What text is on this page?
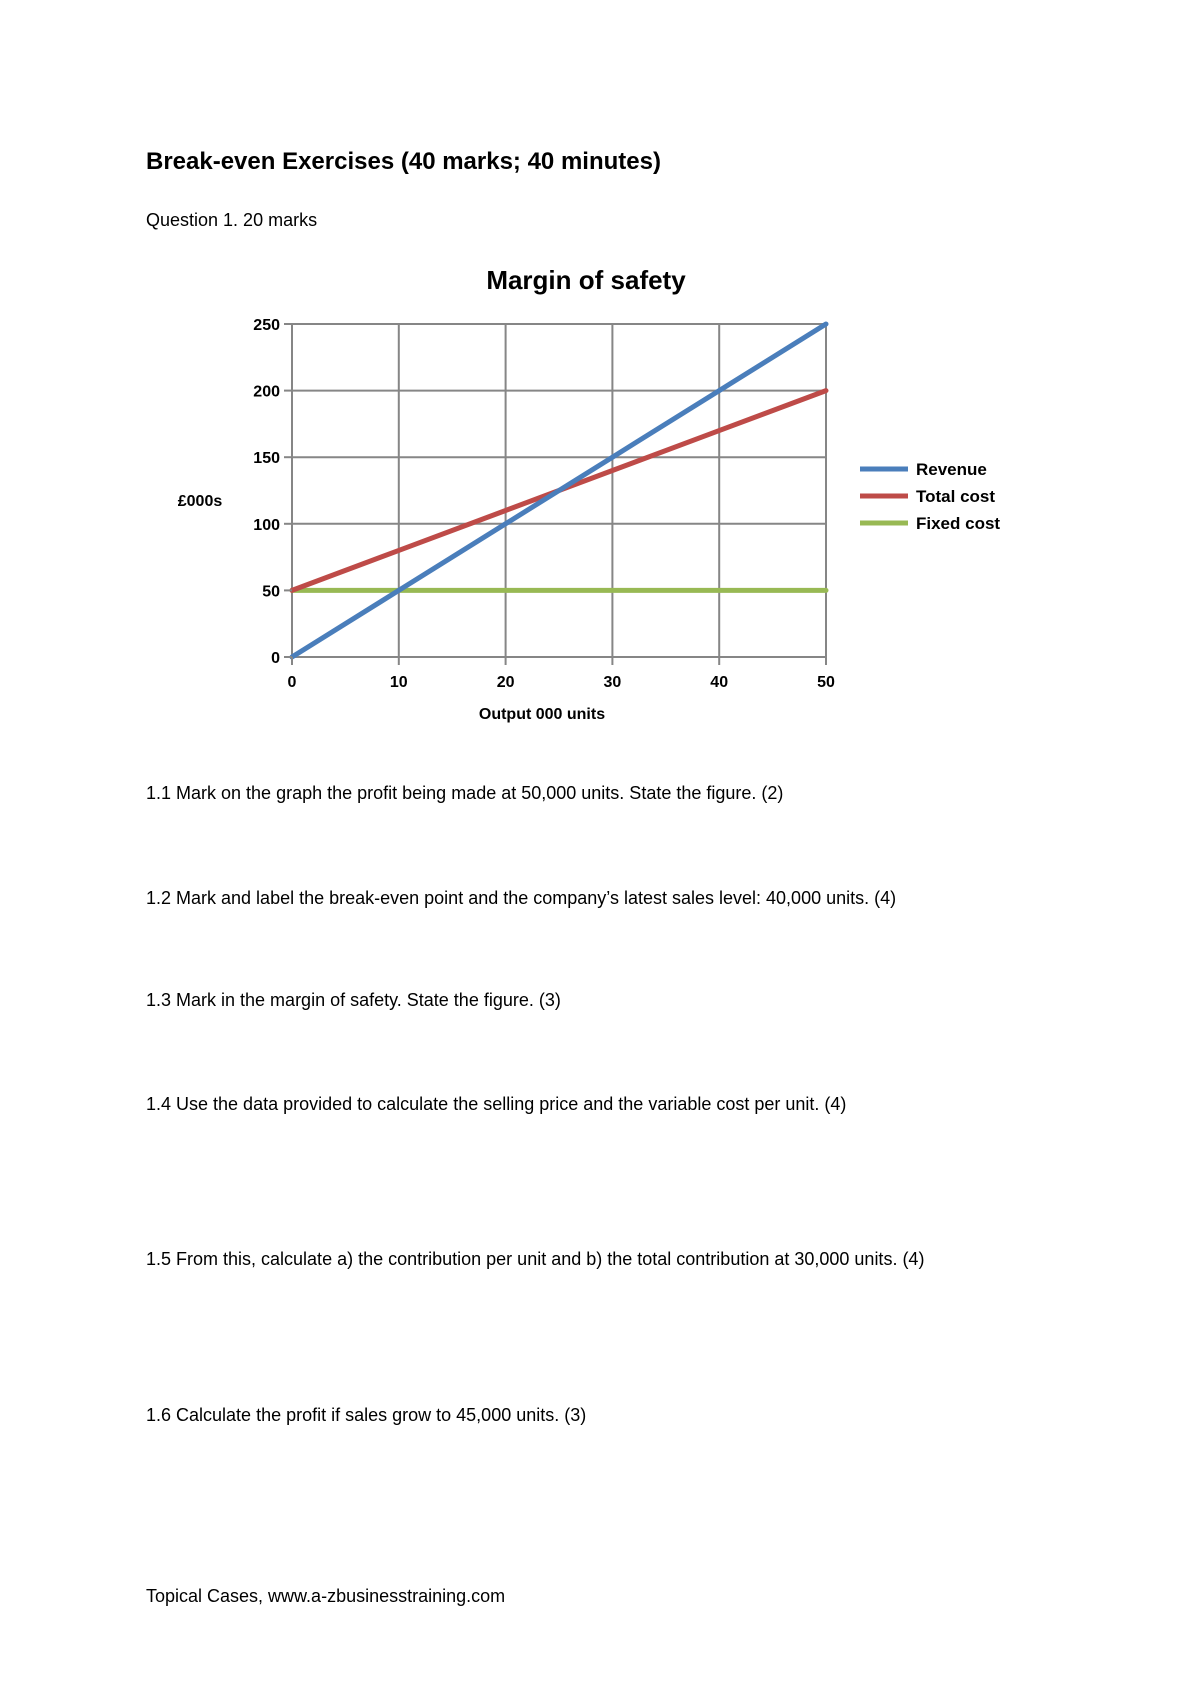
Break-even Exercises (40 marks; 40 minutes)
Question 1. 20 marks
Margin of safety
0
50
100
150
200
250
0	10	20	30	40	50
£000s
Output 000 units
Revenue
Total cost
Fixed cost
1.1 Mark on the graph the profit being made at 50,000 units. State the figure. (2)
1.2 Mark and label the break-even point and the company’s latest sales level: 40,000 units. (4)
1.3 Mark in the margin of safety. State the figure. (3)
1.4 Use the data provided to calculate the selling price and the variable cost per unit. (4)
1.5 From this, calculate a) the contribution per unit and b) the total contribution at 30,000 units. (4)
1.6 Calculate the profit if sales grow to 45,000 units. (3)
Topical Cases, www.a-zbusinesstraining.com
